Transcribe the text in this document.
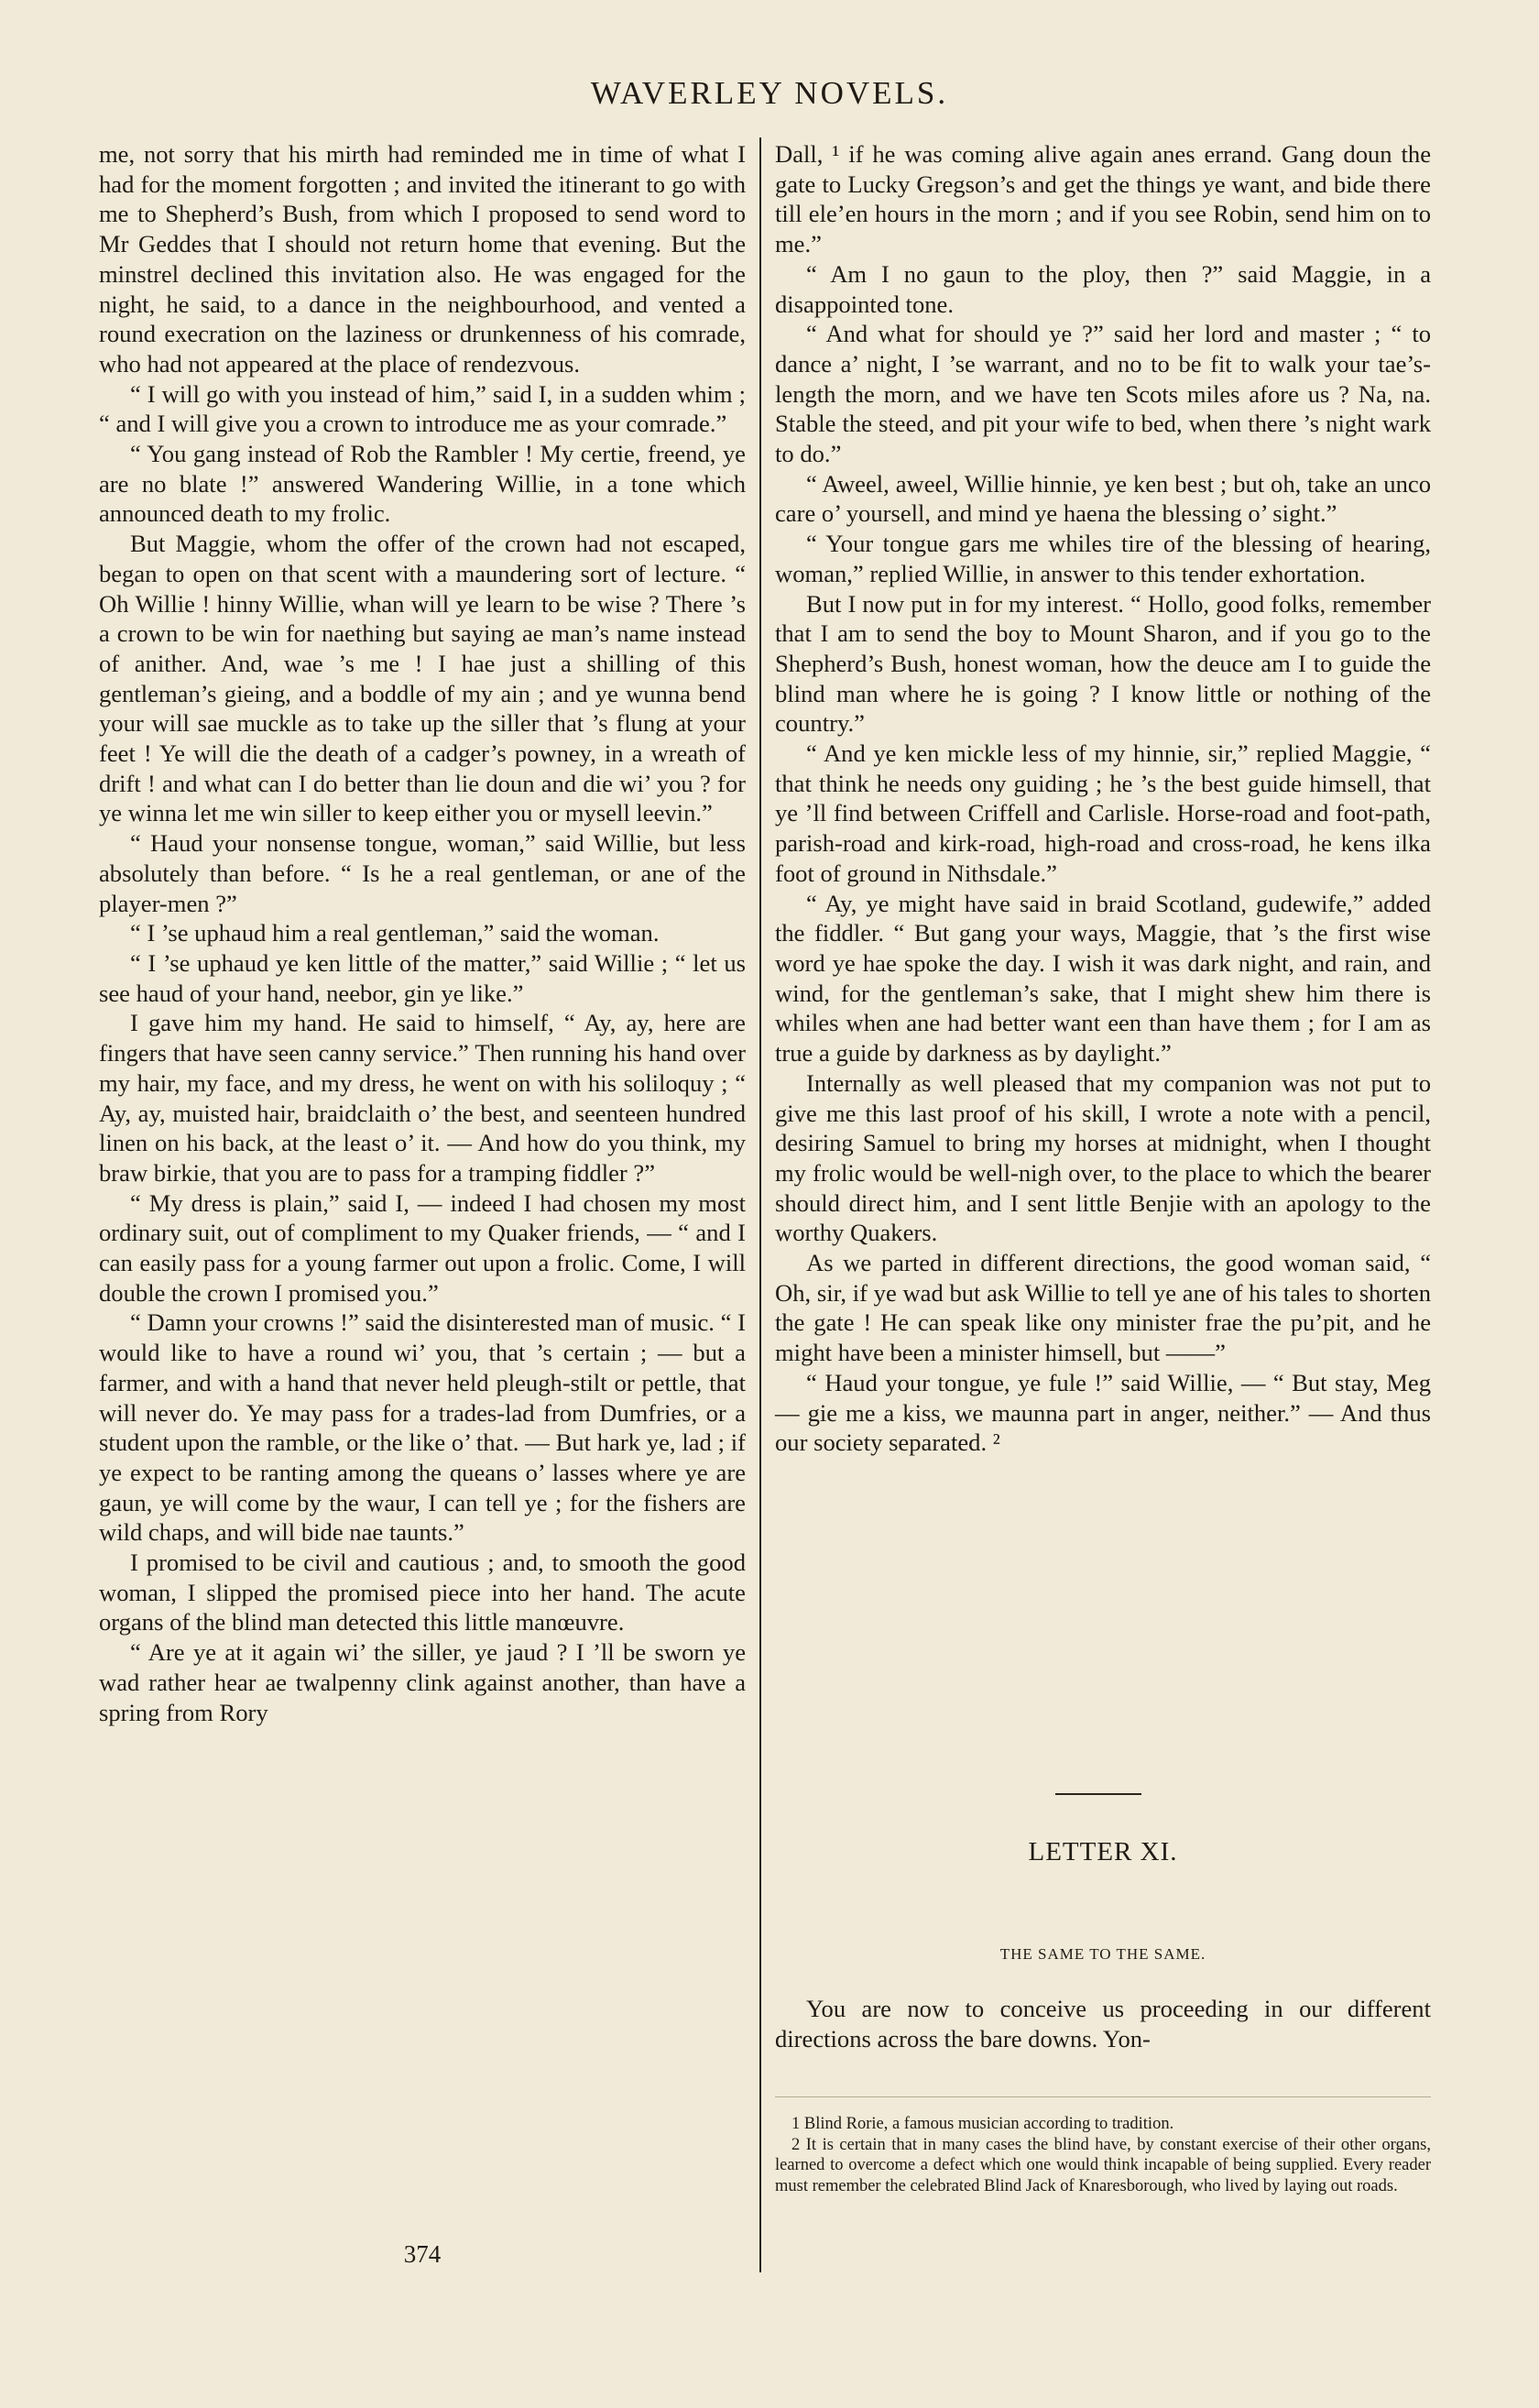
WAVERLEY NOVELS.

me, not sorry that his mirth had reminded me in time of what I had for the moment forgotten ; and invited the itinerant to go with me to Shepherd’s Bush, from which I proposed to send word to Mr Geddes that I should not return home that evening. But the minstrel declined this invitation also. He was engaged for the night, he said, to a dance in the neighbourhood, and vented a round execration on the laziness or drunkenness of his comrade, who had not appeared at the place of rendezvous.

“ I will go with you instead of him,” said I, in a sudden whim ; “ and I will give you a crown to introduce me as your comrade.”

“ You gang instead of Rob the Rambler ! My certie, freend, ye are no blate !” answered Wandering Willie, in a tone which announced death to my frolic.

But Maggie, whom the offer of the crown had not escaped, began to open on that scent with a maundering sort of lecture. “ Oh Willie ! hinny Willie, whan will ye learn to be wise ? There ’s a crown to be win for naething but saying ae man’s name instead of anither. And, wae ’s me ! I hae just a shilling of this gentleman’s gieing, and a boddle of my ain ; and ye wunna bend your will sae muckle as to take up the siller that ’s flung at your feet ! Ye will die the death of a cadger’s powney, in a wreath of drift ! and what can I do better than lie doun and die wi’ you ? for ye winna let me win siller to keep either you or mysell leevin.”

“ Haud your nonsense tongue, woman,” said Willie, but less absolutely than before. “ Is he a real gentleman, or ane of the player-men ?”

“ I ’se uphaud him a real gentleman,” said the woman.

“ I ’se uphaud ye ken little of the matter,” said Willie ; “ let us see haud of your hand, neebor, gin ye like.”

I gave him my hand. He said to himself, “ Ay, ay, here are fingers that have seen canny service.” Then running his hand over my hair, my face, and my dress, he went on with his soliloquy ; “ Ay, ay, muisted hair, braidclaith o’ the best, and seenteen hundred linen on his back, at the least o’ it. — And how do you think, my braw birkie, that you are to pass for a tramping fiddler ?”

“ My dress is plain,” said I, — indeed I had chosen my most ordinary suit, out of compliment to my Quaker friends, — “ and I can easily pass for a young farmer out upon a frolic. Come, I will double the crown I promised you.”

“ Damn your crowns !” said the disinterested man of music. “ I would like to have a round wi’ you, that ’s certain ; — but a farmer, and with a hand that never held pleugh-stilt or pettle, that will never do. Ye may pass for a trades-lad from Dumfries, or a student upon the ramble, or the like o’ that. — But hark ye, lad ; if ye expect to be ranting among the queans o’ lasses where ye are gaun, ye will come by the waur, I can tell ye ; for the fishers are wild chaps, and will bide nae taunts.”

I promised to be civil and cautious ; and, to smooth the good woman, I slipped the promised piece into her hand. The acute organs of the blind man detected this little manœuvre.

“ Are ye at it again wi’ the siller, ye jaud ? I ’ll be sworn ye wad rather hear ae twalpenny clink against another, than have a spring from Rory

Dall, ¹ if he was coming alive again anes errand. Gang doun the gate to Lucky Gregson’s and get the things ye want, and bide there till ele’en hours in the morn ; and if you see Robin, send him on to me.”

“ Am I no gaun to the ploy, then ?” said Maggie, in a disappointed tone.

“ And what for should ye ?” said her lord and master ; “ to dance a’ night, I ’se warrant, and no to be fit to walk your tae’s-length the morn, and we have ten Scots miles afore us ? Na, na. Stable the steed, and pit your wife to bed, when there ’s night wark to do.”

“ Aweel, aweel, Willie hinnie, ye ken best ; but oh, take an unco care o’ yoursell, and mind ye haena the blessing o’ sight.”

“ Your tongue gars me whiles tire of the blessing of hearing, woman,” replied Willie, in answer to this tender exhortation.

But I now put in for my interest. “ Hollo, good folks, remember that I am to send the boy to Mount Sharon, and if you go to the Shepherd’s Bush, honest woman, how the deuce am I to guide the blind man where he is going ? I know little or nothing of the country.”

“ And ye ken mickle less of my hinnie, sir,” replied Maggie, “ that think he needs ony guiding ; he ’s the best guide himsell, that ye ’ll find between Criffell and Carlisle. Horse-road and foot-path, parish-road and kirk-road, high-road and cross-road, he kens ilka foot of ground in Nithsdale.”

“ Ay, ye might have said in braid Scotland, gudewife,” added the fiddler. “ But gang your ways, Maggie, that ’s the first wise word ye hae spoke the day. I wish it was dark night, and rain, and wind, for the gentleman’s sake, that I might shew him there is whiles when ane had better want een than have them ; for I am as true a guide by darkness as by daylight.”

Internally as well pleased that my companion was not put to give me this last proof of his skill, I wrote a note with a pencil, desiring Samuel to bring my horses at midnight, when I thought my frolic would be well-nigh over, to the place to which the bearer should direct him, and I sent little Benjie with an apology to the worthy Quakers.

As we parted in different directions, the good woman said, “ Oh, sir, if ye wad but ask Willie to tell ye ane of his tales to shorten the gate ! He can speak like ony minister frae the pu’pit, and he might have been a minister himsell, but ——”

“ Haud your tongue, ye fule !” said Willie, — “ But stay, Meg — gie me a kiss, we maunna part in anger, neither.” — And thus our society separated. ²

374
LETTER XI.
THE SAME TO THE SAME.
You are now to conceive us proceeding in our different directions across the bare downs. Yon-

1 Blind Rorie, a famous musician according to tradition.

2 It is certain that in many cases the blind have, by constant exercise of their other organs, learned to overcome a defect which one would think incapable of being supplied. Every reader must remember the celebrated Blind Jack of Knaresborough, who lived by laying out roads.
